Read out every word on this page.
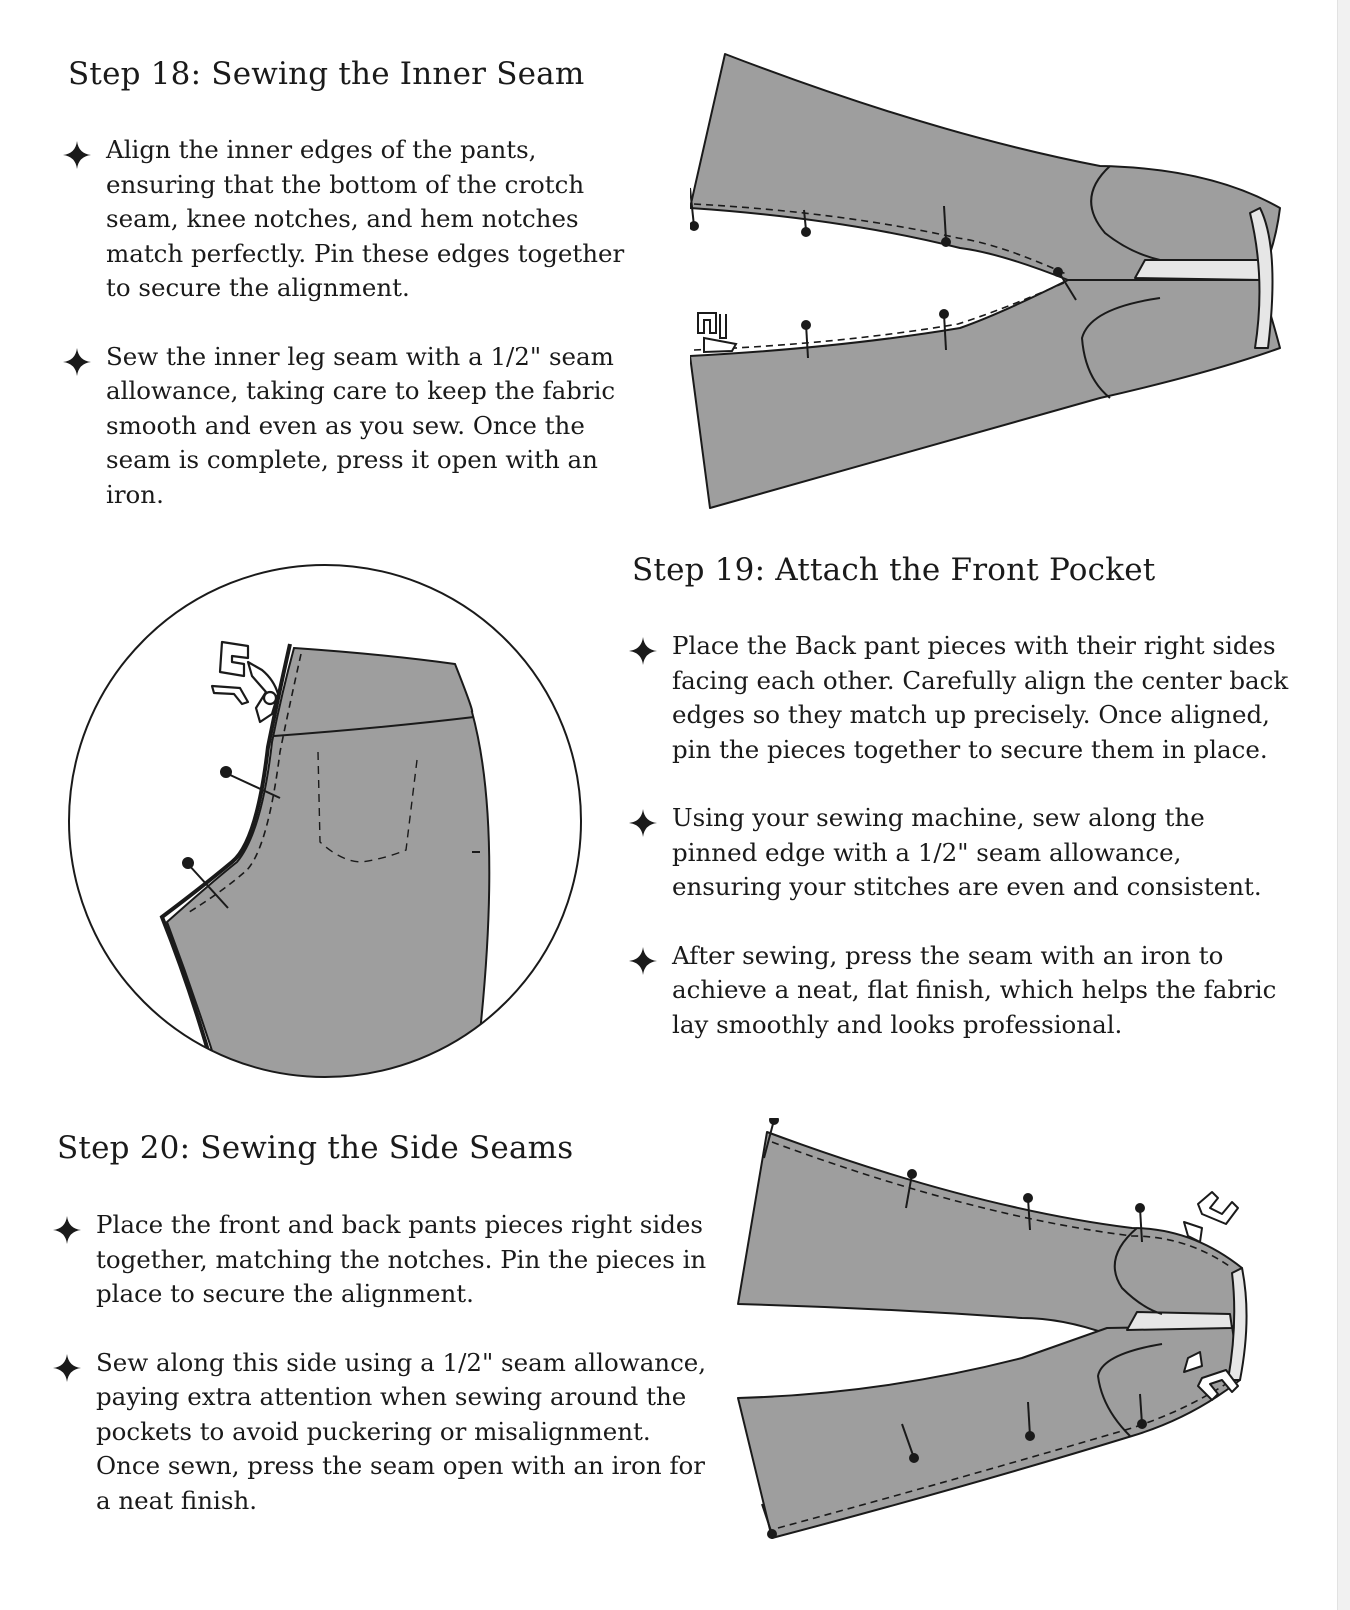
Step 18: Sewing the Inner Seam
Align the inner edges of the pants,
ensuring that the bottom of the crotch
seam, knee notches, and hem notches
match perfectly. Pin these edges together
to secure the alignment.
Sew the inner leg seam with a 1/2" seam
allowance, taking care to keep the fabric
smooth and even as you sew. Once the
seam is complete, press it open with an
iron.
Step 19: Attach the Front Pocket
Place the Back pant pieces with their right sides
facing each other. Carefully align the center back
edges so they match up precisely. Once aligned,
pin the pieces together to secure them in place.
Using your sewing machine, sew along the
pinned edge with a 1/2" seam allowance,
ensuring your stitches are even and consistent.
After sewing, press the seam with an iron to
achieve a neat, flat finish, which helps the fabric
lay smoothly and looks professional.
Step 20: Sewing the Side Seams
Place the front and back pants pieces right sides
together, matching the notches. Pin the pieces in
place to secure the alignment.
Sew along this side using a 1/2" seam allowance,
paying extra attention when sewing around the
pockets to avoid puckering or misalignment.
Once sewn, press the seam open with an iron for
a neat finish.
